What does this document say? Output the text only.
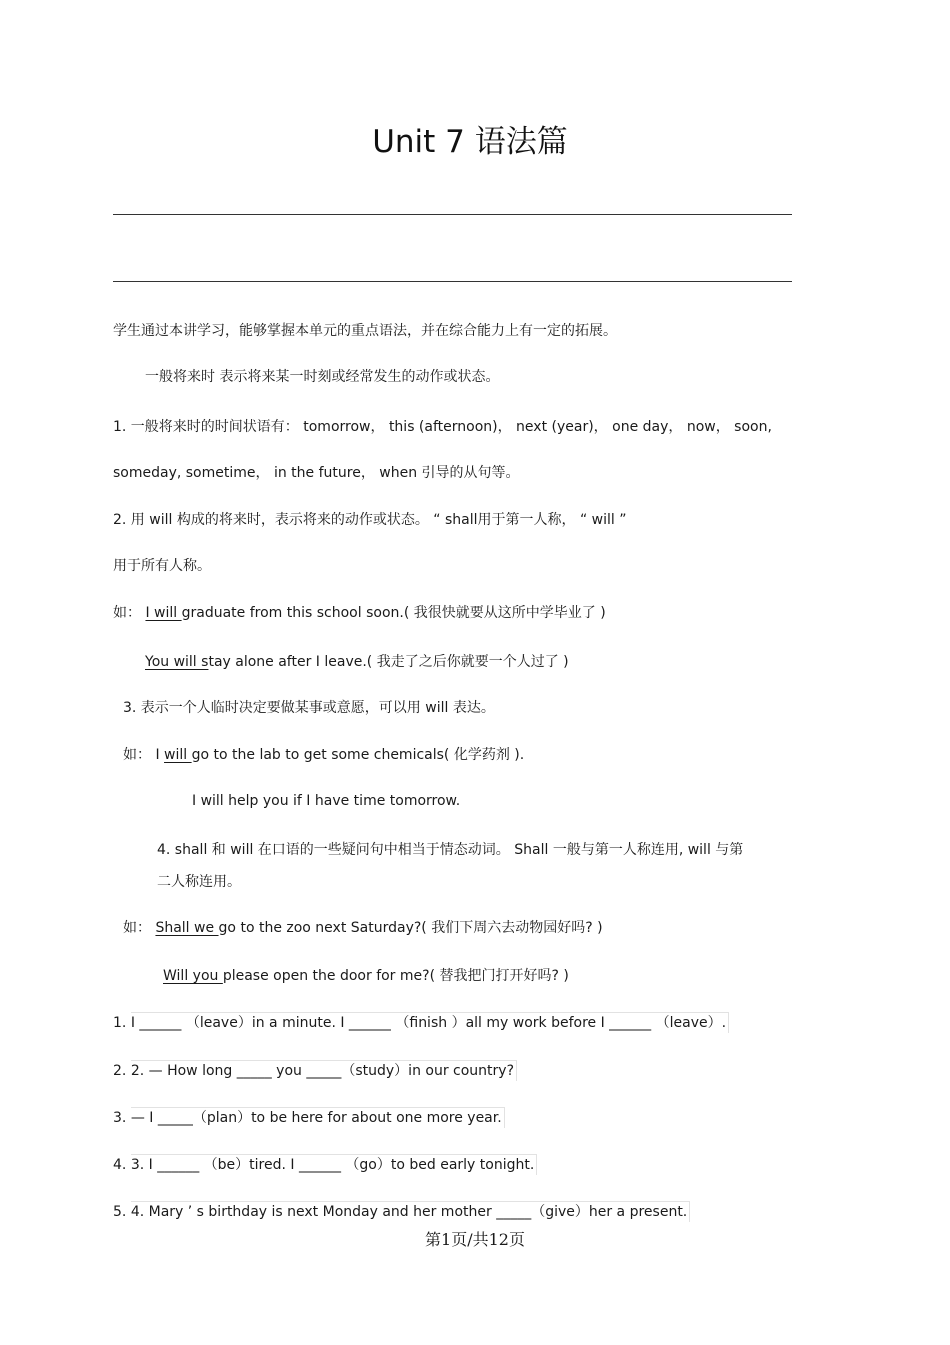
Unit 7 语法篇
学生通过本讲学习，能够掌握本单元的重点语法，并在综合能力上有一定的拓展。
一般将来时 表示将来某一时刻或经常发生的动作或状态。
1. 一般将来时的时间状语有： tomorrow， this (afternoon)， next (year)， one day， now， soon,
someday, sometime， in the future， when 引导的从句等。
2. 用 will 构成的将来时，表示将来的动作或状态。 “ shall用于第一人称， “ will ”
用于所有人称。
如： I will graduate from this school soon.( 我很快就要从这所中学毕业了 )
You will stay alone after I leave.( 我走了之后你就要一个人过了 )
3. 表示一个人临时决定要做某事或意愿，可以用 will 表达。
如： I will go to the lab to get some chemicals( 化学药剂 ).
I will help you if I have time tomorrow.
4. shall 和 will 在口语的一些疑问句中相当于情态动词。 Shall 一般与第一人称连用, will 与第
二人称连用。
如： Shall we go to the zoo next Saturday?( 我们下周六去动物园好吗? )
Will you please open the door for me?( 替我把门打开好吗? )
1. I ______ （leave）in a minute. I ______ （finish ）all my work before I ______ （leave）.
2. 2. — How long _____ you _____（study）in our country?
3. — I _____（plan）to be here for about one more year.
4. 3. I ______ （be）tired. I ______ （go）to bed early tonight.
5. 4. Mary ’ s birthday is next Monday and her mother _____（give）her a present.
第1页/共12页
